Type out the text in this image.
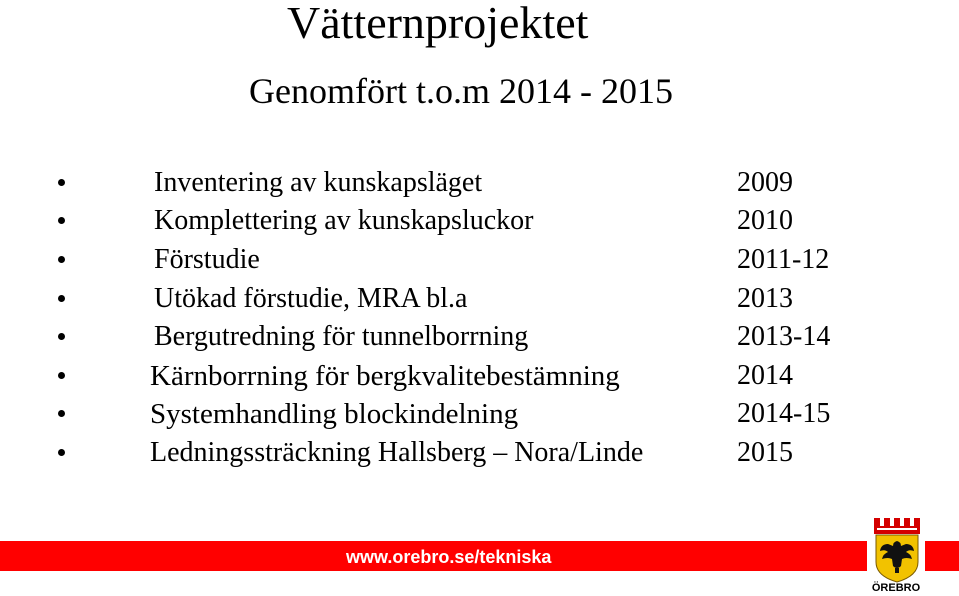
Vätternprojektet
Genomfört t.o.m 2014 - 2015
Inventering av kunskapsläget	2009
Komplettering av kunskapsluckor	2010
Förstudie	2011-12
Utökad förstudie, MRA bl.a	2013
Bergutredning för tunnelborrning	2013-14
Kärnborrning för bergkvalitebestämning	2014
Systemhandling blockindelning	2014-15
Ledningssträckning Hallsberg – Nora/Linde	2015
www.orebro.se/tekniska
ÖREBRO
